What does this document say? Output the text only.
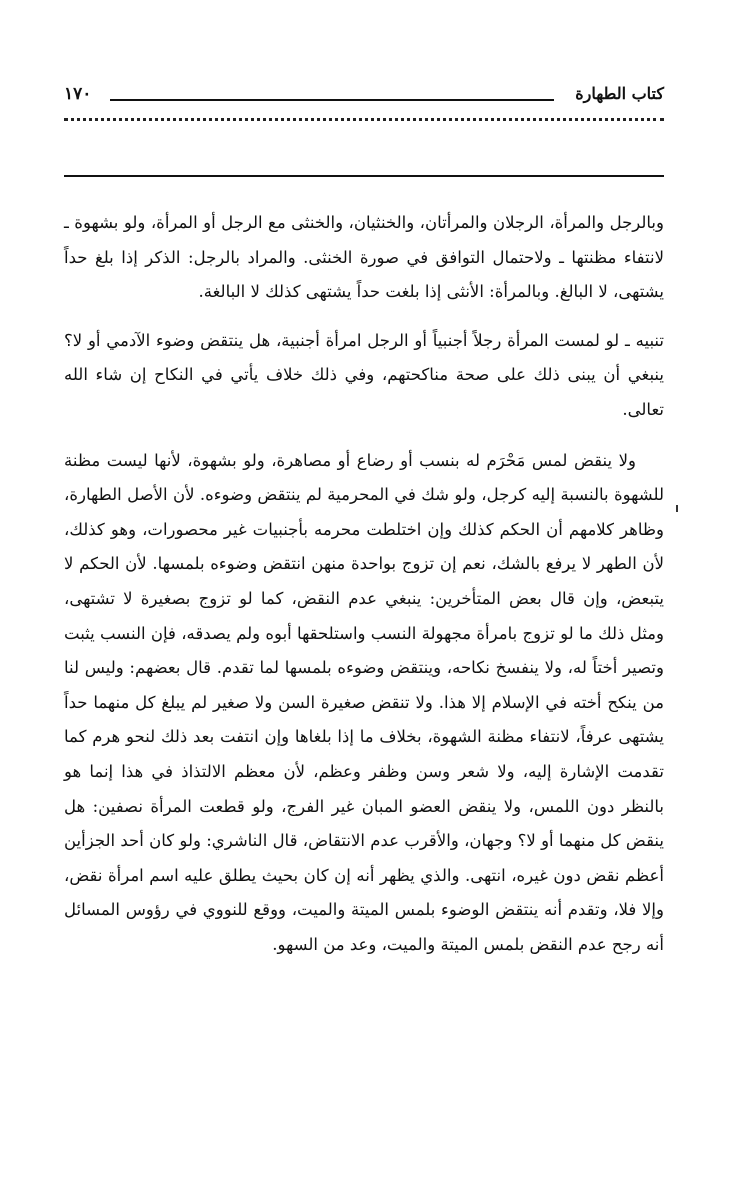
١٧٠	كتاب الطهارة

وبالرجل والمرأة، الرجلان والمرأتان، والخنثيان، والخنثى مع الرجل أو المرأة، ولو بشهوة ـ لانتفاء مظنتها ـ ولاحتمال التوافق في صورة الخنثى. والمراد بالرجل: الذكر إذا بلغ حداً يشتهى، لا البالغ. وبالمرأة: الأنثى إذا بلغت حداً يشتهى كذلك لا البالغة.

تنبيه ـ لو لمست المرأة رجلاً أجنبياً أو الرجل امرأة أجنبية، هل ينتقض وضوء الآدمي أو لا؟ ينبغي أن يبنى ذلك على صحة مناكحتهم، وفي ذلك خلاف يأتي في النكاح إن شاء الله تعالى.

ولا ينقض لمس مَحْرَم له بنسب أو رضاع أو مصاهرة، ولو بشهوة، لأنها ليست مظنة للشهوة بالنسبة إليه كرجل، ولو شك في المحرمية لم ينتقض وضوءه. لأن الأصل الطهارة، وظاهر كلامهم أن الحكم كذلك وإن اختلطت محرمه بأجنبيات غير محصورات، وهو كذلك، لأن الطهر لا يرفع بالشك، نعم إن تزوج بواحدة منهن انتقض وضوءه بلمسها. لأن الحكم لا يتبعض، وإن قال بعض المتأخرين: ينبغي عدم النقض، كما لو تزوج بصغيرة لا تشتهى، ومثل ذلك ما لو تزوج بامرأة مجهولة النسب واستلحقها أبوه ولم يصدقه، فإن النسب يثبت وتصير أختاً له، ولا ينفسخ نكاحه، وينتقض وضوءه بلمسها لما تقدم. قال بعضهم: وليس لنا من ينكح أخته في الإسلام إلا هذا. ولا تنقض صغيرة السن ولا صغير لم يبلغ كل منهما حداً يشتهى عرفاً، لانتفاء مظنة الشهوة، بخلاف ما إذا بلغاها وإن انتفت بعد ذلك لنحو هرم كما تقدمت الإشارة إليه، ولا شعر وسن وظفر وعظم، لأن معظم الالتذاذ في هذا إنما هو بالنظر دون اللمس، ولا ينقض العضو المبان غير الفرج، ولو قطعت المرأة نصفين: هل ينقض كل منهما أو لا؟ وجهان، والأقرب عدم الانتقاض، قال الناشري: ولو كان أحد الجزأين أعظم نقض دون غيره، انتهى. والذي يظهر أنه إن كان بحيث يطلق عليه اسم امرأة نقض، وإلا فلا، وتقدم أنه ينتقض الوضوء بلمس الميتة والميت، ووقع للنووي في رؤوس المسائل أنه رجح عدم النقض بلمس الميتة والميت، وعد من السهو.
